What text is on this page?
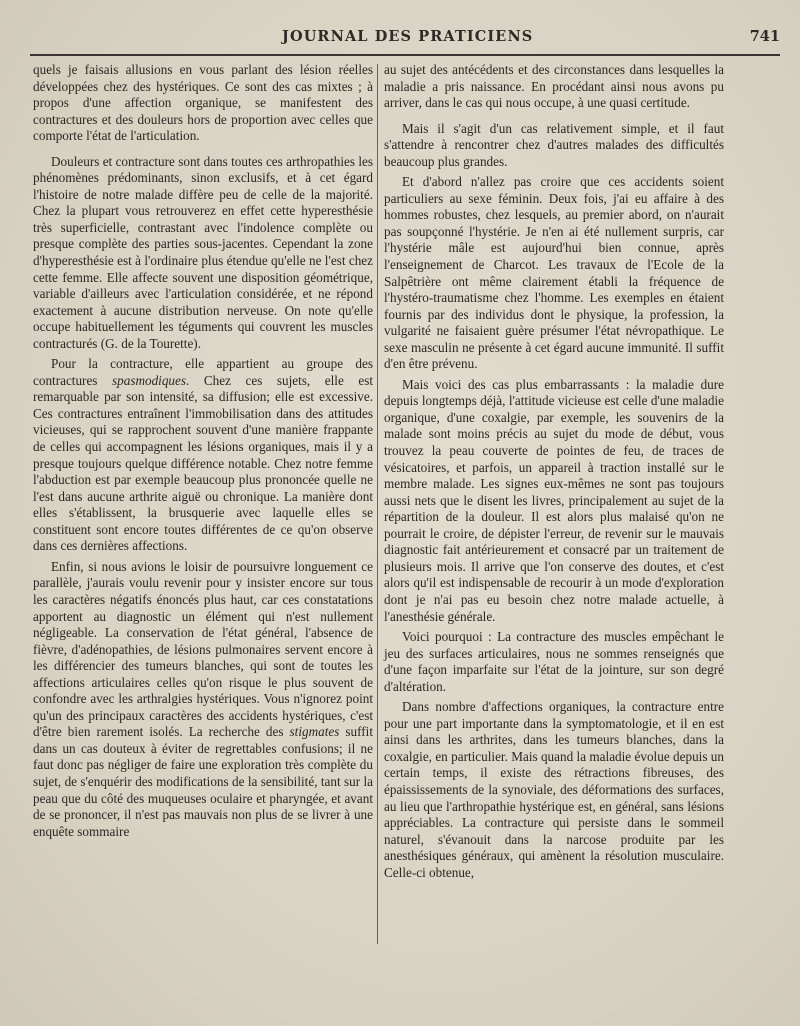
JOURNAL DES PRATICIENS	741

quels je faisais allusions en vous parlant des lésion réelles développées chez des hystériques. Ce sont des cas mixtes ; à propos d'une affection organique, se manifestent des contractures et des douleurs hors de proportion avec celles que comporte l'état de l'articulation.

Douleurs et contracture sont dans toutes ces arthropathies les phénomènes prédominants, sinon exclusifs, et à cet égard l'histoire de notre malade diffère peu de celle de la majorité. Chez la plupart vous retrouverez en effet cette hyperesthésie très superficielle, contrastant avec l'indolence complète ou presque complète des parties sous-jacentes. Cependant la zone d'hyperesthésie est à l'ordinaire plus étendue qu'elle ne l'est chez cette femme. Elle affecte souvent une disposition géométrique, variable d'ailleurs avec l'articulation considérée, et ne répond exactement à aucune distribution nerveuse. On note qu'elle occupe habituellement les téguments qui couvrent les muscles contracturés (G. de la Tourette).

Pour la contracture, elle appartient au groupe des contractures spasmodiques. Chez ces sujets, elle est remarquable par son intensité, sa diffusion; elle est excessive. Ces contractures entraînent l'immobilisation dans des attitudes vicieuses, qui se rapprochent souvent d'une manière frappante de celles qui accompagnent les lésions organiques, mais il y a presque toujours quelque différence notable. Chez notre femme l'abduction est par exemple beaucoup plus prononcée quelle ne l'est dans aucune arthrite aiguë ou chronique. La manière dont elles s'établissent, la brusquerie avec laquelle elles se constituent sont encore toutes différentes de ce qu'on observe dans ces dernières affections.

Enfin, si nous avions le loisir de poursuivre longuement ce parallèle, j'aurais voulu revenir pour y insister encore sur tous les caractères négatifs énoncés plus haut, car ces constatations apportent au diagnostic un élément qui n'est nullement négligeable. La conservation de l'état général, l'absence de fièvre, d'adénopathies, de lésions pulmonaires servent encore à les différencier des tumeurs blanches, qui sont de toutes les affections articulaires celles qu'on risque le plus souvent de confondre avec les arthralgies hystériques. Vous n'ignorez point qu'un des principaux caractères des accidents hystériques, c'est d'être bien rarement isolés. La recherche des stigmates suffit dans un cas douteux à éviter de regrettables confusions; il ne faut donc pas négliger de faire une exploration très complète du sujet, de s'enquérir des modifications de la sensibilité, tant sur la peau que du côté des muqueuses oculaire et pharyngée, et avant de se prononcer, il n'est pas mauvais non plus de se livrer à une enquête sommaire

au sujet des antécédents et des circonstances dans lesquelles la maladie a pris naissance. En procédant ainsi nous avons pu arriver, dans le cas qui nous occupe, à une quasi certitude.

Mais il s'agit d'un cas relativement simple, et il faut s'attendre à rencontrer chez d'autres malades des difficultés beaucoup plus grandes.

Et d'abord n'allez pas croire que ces accidents soient particuliers au sexe féminin. Deux fois, j'ai eu affaire à des hommes robustes, chez lesquels, au premier abord, on n'aurait pas soupçonné l'hystérie. Je n'en ai été nullement surpris, car l'hystérie mâle est aujourd'hui bien connue, après l'enseignement de Charcot. Les travaux de l'Ecole de la Salpêtrière ont même clairement établi la fréquence de l'hystéro-traumatisme chez l'homme. Les exemples en étaient fournis par des individus dont le physique, la profession, la vulgarité ne faisaient guère présumer l'état névropathique. Le sexe masculin ne présente à cet égard aucune immunité. Il suffit d'en être prévenu.

Mais voici des cas plus embarrassants : la maladie dure depuis longtemps déjà, l'attitude vicieuse est celle d'une maladie organique, d'une coxalgie, par exemple, les souvenirs de la malade sont moins précis au sujet du mode de début, vous trouvez la peau couverte de pointes de feu, de traces de vésicatoires, et parfois, un appareil à traction installé sur le membre malade. Les signes eux-mêmes ne sont pas toujours aussi nets que le disent les livres, principalement au sujet de la répartition de la douleur. Il est alors plus malaisé qu'on ne pourrait le croire, de dépister l'erreur, de revenir sur le mauvais diagnostic fait antérieurement et consacré par un traitement de plusieurs mois. Il arrive que l'on conserve des doutes, et c'est alors qu'il est indispensable de recourir à un mode d'exploration dont je n'ai pas eu besoin chez notre malade actuelle, à l'anesthésie générale.

Voici pourquoi : La contracture des muscles empêchant le jeu des surfaces articulaires, nous ne sommes renseignés que d'une façon imparfaite sur l'état de la jointure, sur son degré d'altération.

Dans nombre d'affections organiques, la contracture entre pour une part importante dans la symptomatologie, et il en est ainsi dans les arthrites, dans les tumeurs blanches, dans la coxalgie, en particulier. Mais quand la maladie évolue depuis un certain temps, il existe des rétractions fibreuses, des épaississements de la synoviale, des déformations des surfaces, au lieu que l'arthropathie hystérique est, en général, sans lésions appréciables. La contracture qui persiste dans le sommeil naturel, s'évanouit dans la narcose produite par les anesthésiques généraux, qui amènent la résolution musculaire. Celle-ci obtenue,
